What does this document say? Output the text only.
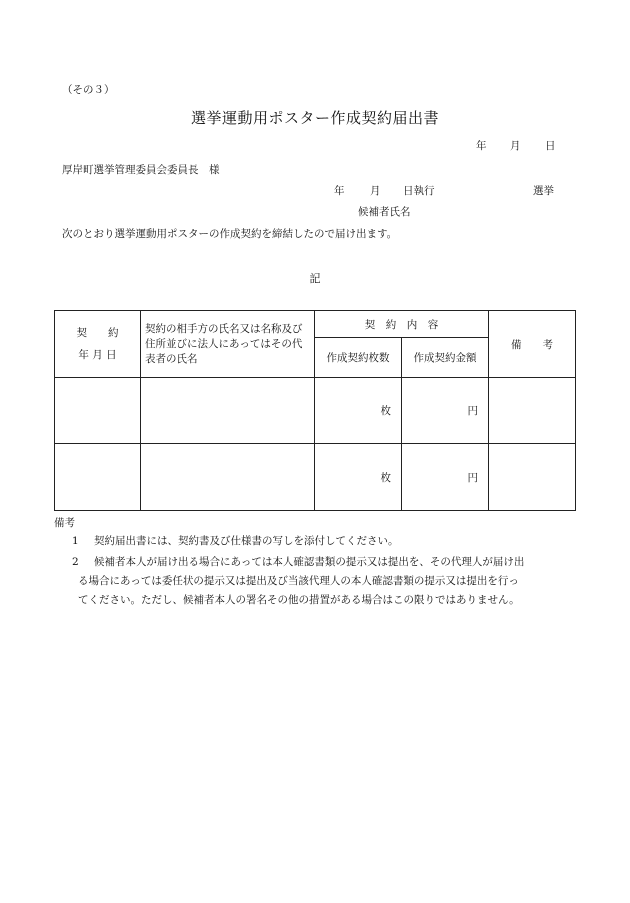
（その３）
選挙運動用ポスター作成契約届出書
年 月 日
厚岸町選挙管理委員会委員長　様
年 月 日執行	選挙
候補者氏名
次のとおり選挙運動用ポスターの作成契約を締結したので届け出ます。
記
契　　約
年 月 日	契約の相手方の氏名又は名称及び住所並びに法人にあってはその代表者の氏名	契　約　内　容		備　　考
		作成契約枚数	作成契約金額	
		枚	円	
		枚	円	
備考
1 契約届出書には、契約書及び仕様書の写しを添付してください。
2 候補者本人が届け出る場合にあっては本人確認書類の提示又は提出を、その代理人が届け出
る場合にあっては委任状の提示又は提出及び当該代理人の本人確認書類の提示又は提出を行っ
てください。ただし、候補者本人の署名その他の措置がある場合はこの限りではありません。
